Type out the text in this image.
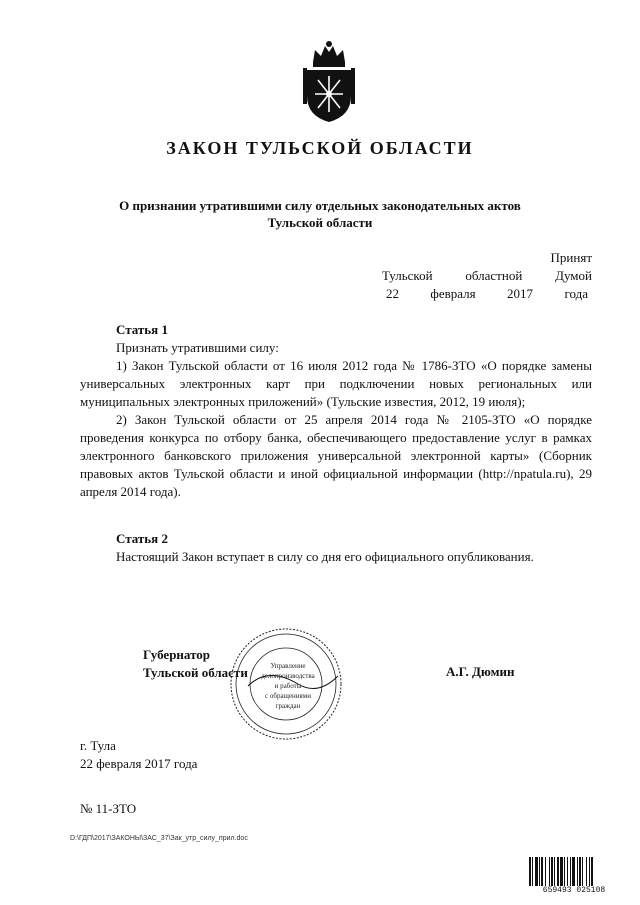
ЗАКОН ТУЛЬСКОЙ ОБЛАСТИ
О признании утратившими силу отдельных законодательных актов
Тульской области
Принят
Тульской	областной	Думой
22 февраля 2017 года
Статья 1
Признать утратившими силу:
1) Закон Тульской области от 16 июля 2012 года № 1786-ЗТО «О порядке замены универсальных электронных карт при подключении новых региональных или муниципальных электронных приложений» (Тульские известия, 2012, 19 июля);
2) Закон Тульской области от 25 апреля 2014 года № 2105-ЗТО «О порядке проведения конкурса по отбору банка, обеспечивающего предоставление услуг в рамках электронного банковского приложения универсальной электронной карты» (Сборник правовых актов Тульской области и иной официальной информации (http://npatula.ru), 29 апреля 2014 года).
Статья 2
Настоящий Закон вступает в силу со дня его официального опубликования.
Управление
делопроизводства
и работы
с обращениями
граждан
Губернатор
Тульской области	А.Г. Дюмин
г. Тула
22 февраля 2017 года
№ 11-ЗТО
D:\ГДП\2017\ЗАКОНЫ\ЗАС_37\Зак_утр_силу_прил.doc
659493 025108
